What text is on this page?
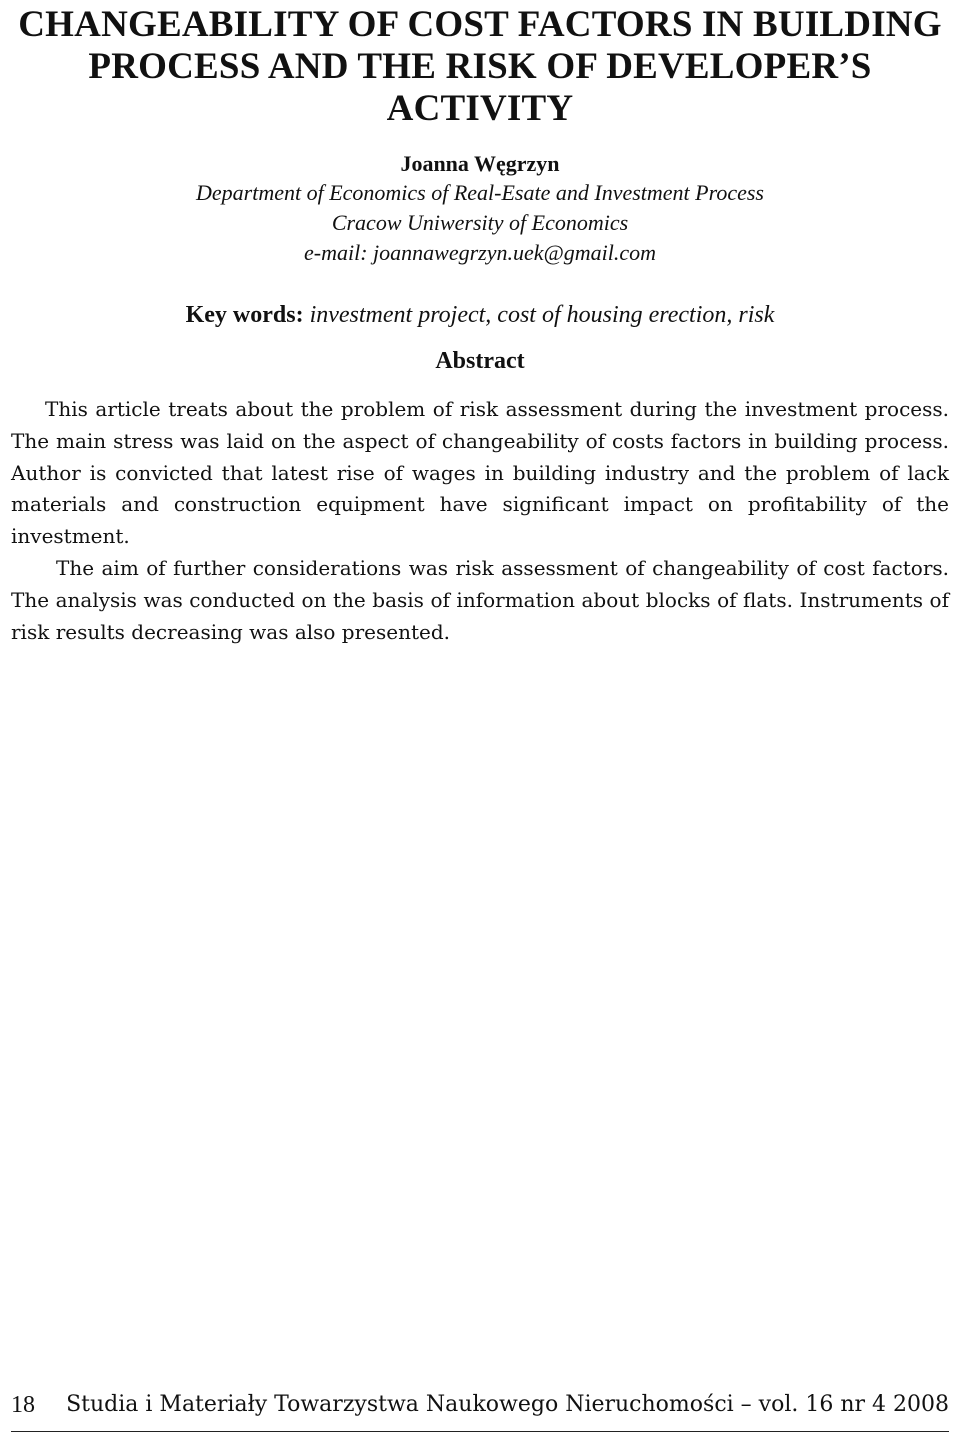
CHANGEABILITY OF COST FACTORS IN BUILDING
PROCESS AND THE RISK OF DEVELOPER’S
ACTIVITY
Joanna Węgrzyn
Department of Economics of Real-Esate and Investment Process
Cracow Uniwersity of Economics
e-mail: joannawegrzyn.uek@gmail.com
Key words: investment project, cost of housing erection, risk
Abstract

This article treats about the problem of risk assessment during the investment process. The main stress was laid on the aspect of changeability of costs factors in building process. Author is convicted that latest rise of wages in building industry and the problem of lack materials and construction equipment have significant impact on profitability of the investment.

The aim of further considerations was risk assessment of changeability of cost factors. The analysis was conducted on the basis of information about blocks of flats. Instruments of risk results decreasing was also presented.

18 Studia i Materiały Towarzystwa Naukowego Nieruchomości – vol. 16 nr 4 2008
